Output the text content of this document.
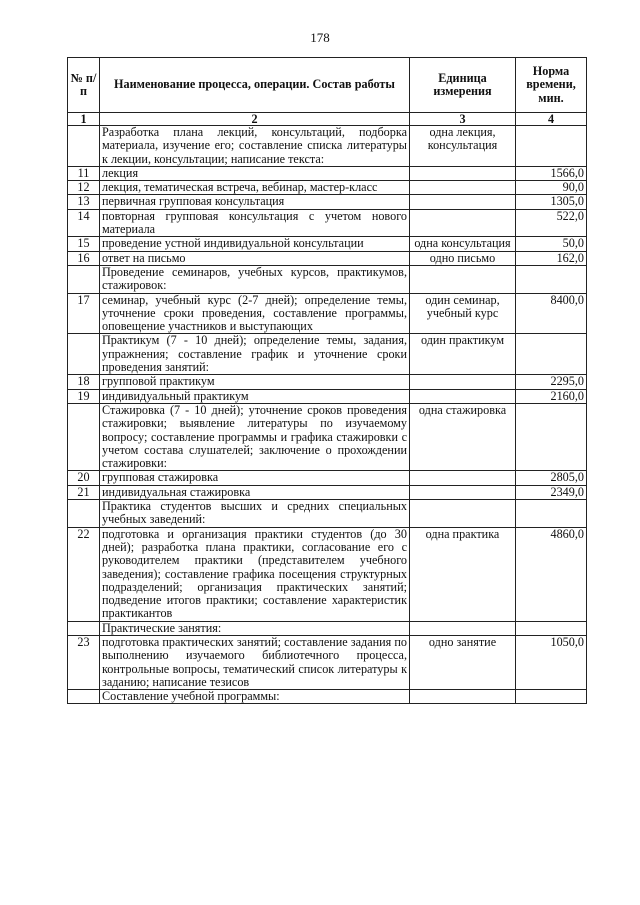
178
№ п/п	Наименование процесса, операции. Состав работы	Единица измерения	Норма времени, мин.
1	2	3	4
	Разработка плана лекций, консультаций, подборка материала, изучение его; составление списка литературы к лекции, консультации; написание текста:	одна лекция, консультация	
11	лекция		1566,0
12	лекция, тематическая встреча, вебинар, мастер-класс		90,0
13	первичная групповая консультация		1305,0
14	повторная групповая консультация с учетом нового материала		522,0
15	проведение устной индивидуальной консультации	одна консультация	50,0
16	ответ на письмо	одно письмо	162,0
	Проведение семинаров, учебных курсов, практикумов, стажировок:		
17	семинар, учебный курс (2-7 дней); определение темы, уточнение сроки проведения, составление программы, оповещение участников и выступающих	один семинар, учебный курс	8400,0
	Практикум (7 - 10 дней); определение темы, задания, упражнения; составление график и уточнение сроки проведения занятий:	один практикум	
18	групповой практикум		2295,0
19	индивидуальный практикум		2160,0
	Стажировка (7 - 10 дней); уточнение сроков проведения стажировки; выявление литературы по изучаемому вопросу; составление программы и графика стажировки с учетом состава слушателей; заключение о прохождении стажировки:	одна стажировка	
20	групповая стажировка		2805,0
21	индивидуальная стажировка		2349,0
	Практика студентов высших и средних специальных учебных заведений:		
22	подготовка и организация практики студентов (до 30 дней); разработка плана практики, согласование его с руководителем практики (представителем учебного заведения); составление графика посещения структурных подразделений; организация практических занятий; подведение итогов практики; составление характеристик практикантов	одна практика	4860,0
	Практические занятия:		
23	подготовка практических занятий; составление задания по выполнению изучаемого библиотечного процесса, контрольные вопросы, тематический список литературы к заданию; написание тезисов	одно занятие	1050,0
	Составление учебной программы:		
